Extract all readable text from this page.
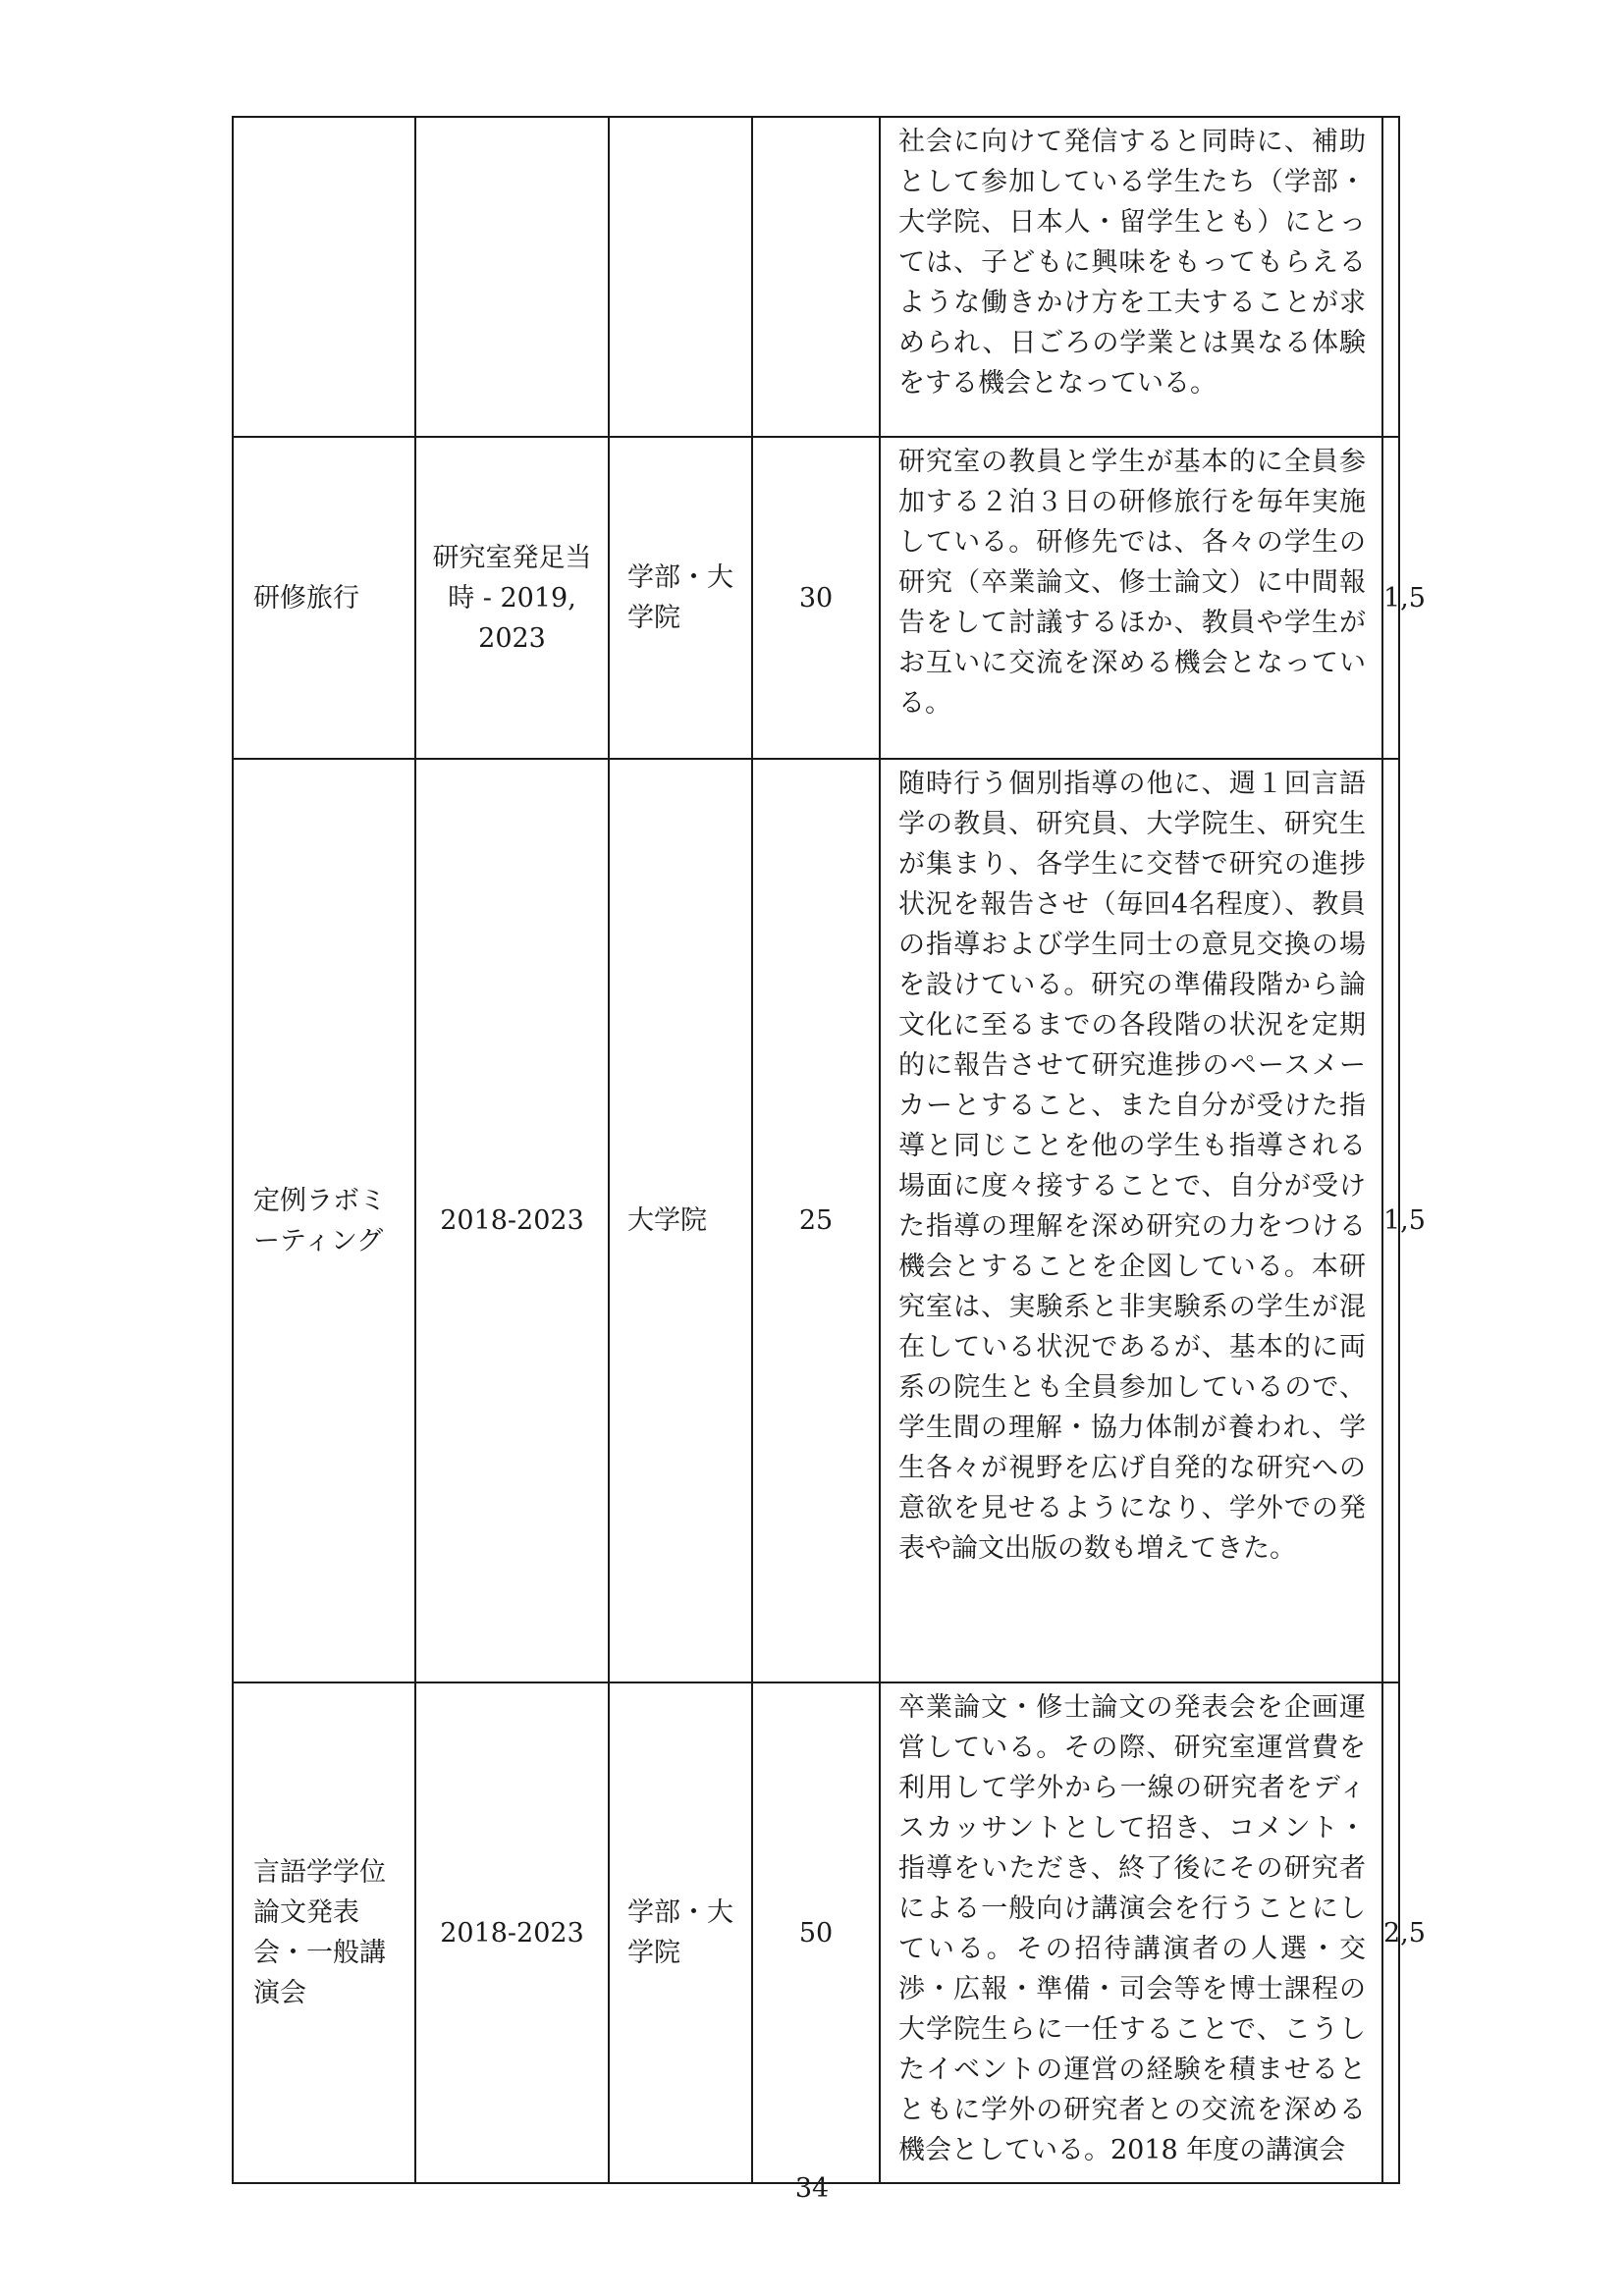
				社会に向けて発信すると同時に、補助として参加している学生たち（学部・大学院、日本人・留学生とも）にとっては、子どもに興味をもってもらえるような働きかけ方を工夫することが求められ、日ごろの学業とは異なる体験をする機会となっている。	

研修旅行	研究室発足当時 - 2019, 2023	学部・大学院	30	研究室の教員と学生が基本的に全員参加する２泊３日の研修旅行を毎年実施している。研修先では、各々の学生の研究（卒業論文、修士論文）に中間報告をして討議するほか、教員や学生がお互いに交流を深める機会となっている。	1,5

定例ラボミーティング	2018-2023	大学院	25	随時行う個別指導の他に、週１回言語学の教員、研究員、大学院生、研究生が集まり、各学生に交替で研究の進捗状況を報告させ（毎回4名程度）、教員の指導および学生同士の意見交換の場を設けている。研究の準備段階から論文化に至るまでの各段階の状況を定期的に報告させて研究進捗のペースメーカーとすること、また自分が受けた指導と同じことを他の学生も指導される場面に度々接することで、自分が受けた指導の理解を深め研究の力をつける機会とすることを企図している。本研究室は、実験系と非実験系の学生が混在している状況であるが、基本的に両系の院生とも全員参加しているので、学生間の理解・協力体制が養われ、学生各々が視野を広げ自発的な研究への意欲を見せるようになり、学外での発表や論文出版の数も増えてきた。	1,5

言語学学位論文発表会・一般講演会	2018-2023	学部・大学院	50	卒業論文・修士論文の発表会を企画運営している。その際、研究室運営費を利用して学外から一線の研究者をディスカッサントとして招き、コメント・指導をいただき、終了後にその研究者による一般向け講演会を行うことにしている。その招待講演者の人選・交渉・広報・準備・司会等を博士課程の大学院生らに一任することで、こうしたイベントの運営の経験を積ませるとともに学外の研究者との交流を深める機会としている。2018 年度の講演会	2,5
34
